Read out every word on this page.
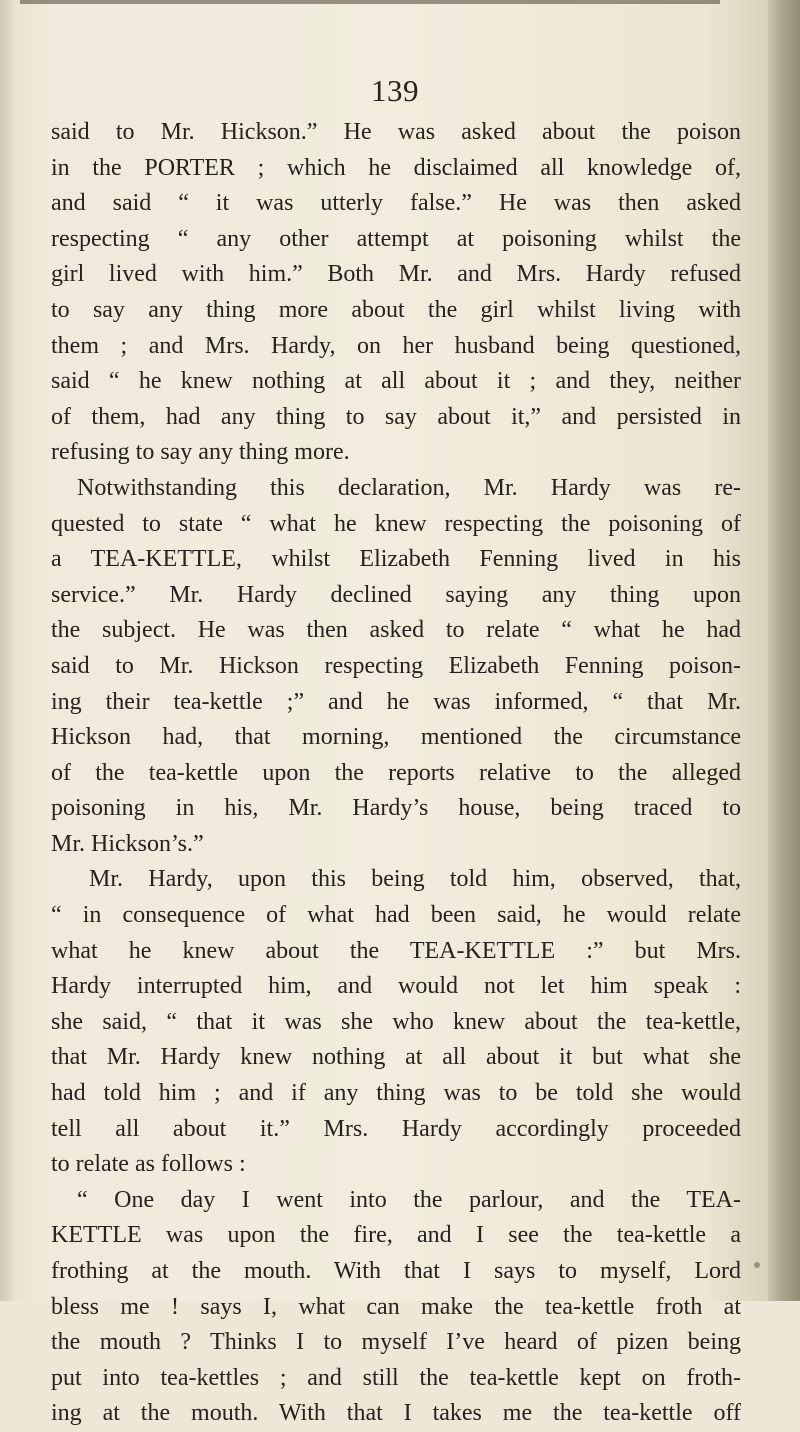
139
said to Mr. Hickson.” He was asked about the poison
in the PORTER ; which he disclaimed all knowledge of,
and said “ it was utterly false.” He was then asked
respecting “ any other attempt at poisoning whilst the
girl lived with him.” Both Mr. and Mrs. Hardy refused
to say any thing more about the girl whilst living with
them ; and Mrs. Hardy, on her husband being questioned,
said “ he knew nothing at all about it ; and they, neither
of them, had any thing to say about it,” and persisted in
refusing to say any thing more.
Notwithstanding this declaration, Mr. Hardy was re-
quested to state “ what he knew respecting the poisoning of
a TEA-KETTLE, whilst Elizabeth Fenning lived in his
service.” Mr. Hardy declined saying any thing upon
the subject. He was then asked to relate “ what he had
said to Mr. Hickson respecting Elizabeth Fenning poison-
ing their tea-kettle ;” and he was informed, “ that Mr.
Hickson had, that morning, mentioned the circumstance
of the tea-kettle upon the reports relative to the alleged
poisoning in his, Mr. Hardy’s house, being traced to
Mr. Hickson’s.”
Mr. Hardy, upon this being told him, observed, that,
“ in consequence of what had been said, he would relate
what he knew about the TEA-KETTLE :” but Mrs.
Hardy interrupted him, and would not let him speak :
she said, “ that it was she who knew about the tea-kettle,
that Mr. Hardy knew nothing at all about it but what she
had told him ; and if any thing was to be told she would
tell all about it.” Mrs. Hardy accordingly proceeded
to relate as follows :
“ One day I went into the parlour, and the TEA-
KETTLE was upon the fire, and I see the tea-kettle a
frothing at the mouth. With that I says to myself, Lord
bless me ! says I, what can make the tea-kettle froth at
the mouth ? Thinks I to myself I’ve heard of pizen being
put into tea-kettles ; and still the tea-kettle kept on froth-
ing at the mouth. With that I takes me the tea-kettle off
